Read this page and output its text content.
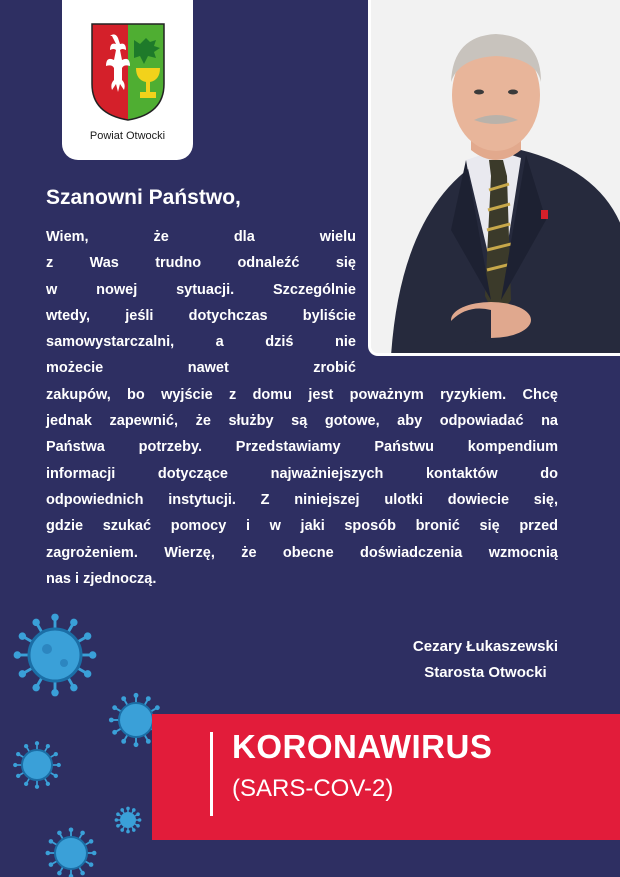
Powiat Otwocki
Szanowni Państwo,
Wiem, że dla wielu
z Was trudno odnaleźć się
w nowej sytuacji. Szczególnie
wtedy, jeśli dotychczas byliście
samowystarczalni, a dziś nie
możecie nawet zrobić
zakupów, bo wyjście z domu jest poważnym ryzykiem. Chcę
jednak zapewnić, że służby są gotowe, aby odpowiadać na
Państwa potrzeby. Przedstawiamy Państwu kompendium
informacji dotyczące najważniejszych kontaktów do
odpowiednich instytucji. Z niniejszej ulotki dowiecie się,
gdzie szukać pomocy i w jaki sposób bronić się przed
zagrożeniem. Wierzę, że obecne doświadczenia wzmocnią
nas i zjednoczą.
Cezary Łukaszewski
Starosta Otwocki
KORONAWIRUS
(SARS-COV-2)
